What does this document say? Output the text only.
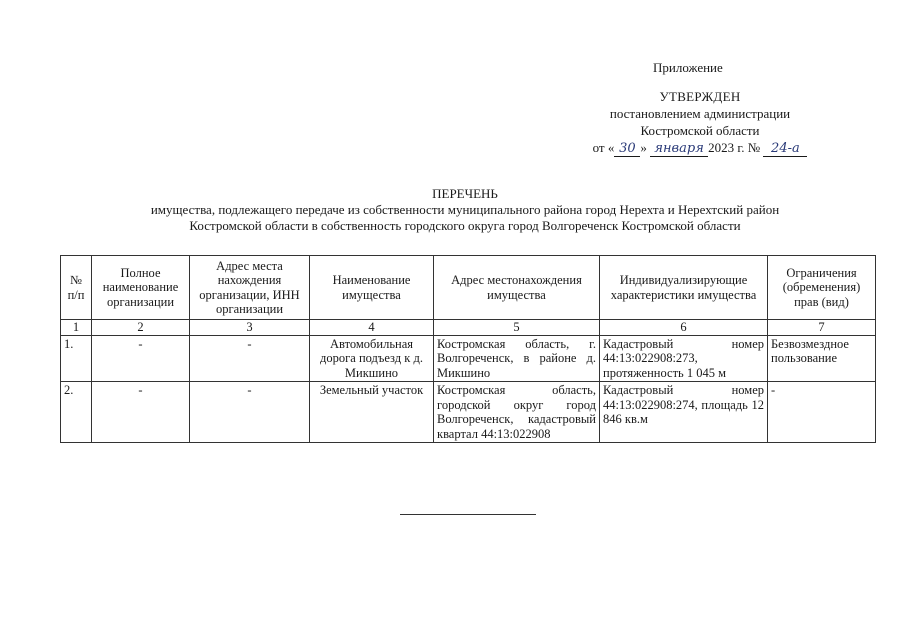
Приложение
УТВЕРЖДЕН
постановлением администрации
Костромской области
от « 30 » января 2023 г. № 24-а
ПЕРЕЧЕНЬ
имущества, подлежащего передаче из собственности муниципального района город Нерехта и Нерехтский район
Костромской области в собственность городского округа город Волгореченск Костромской области
№ п/п	Полное наименование организации	Адрес места нахождения организации, ИНН организации	Наименование имущества	Адрес местонахождения имущества	Индивидуализирующие характеристики имущества	Ограничения (обременения) прав (вид)
1	2	3	4	5	6	7
1.	-	-	Автомобильная дорога подъезд к д. Микшино	Костромская область, г. Волгореченск, в районе д. Микшино	Кадастровый номер 44:13:022908:273, протяженность 1 045 м	Безвозмездное пользование
2.	-	-	Земельный участок	Костромская область, городской округ город Волгореченск, кадастровый квартал 44:13:022908	Кадастровый номер 44:13:022908:274, площадь 12 846 кв.м	-
